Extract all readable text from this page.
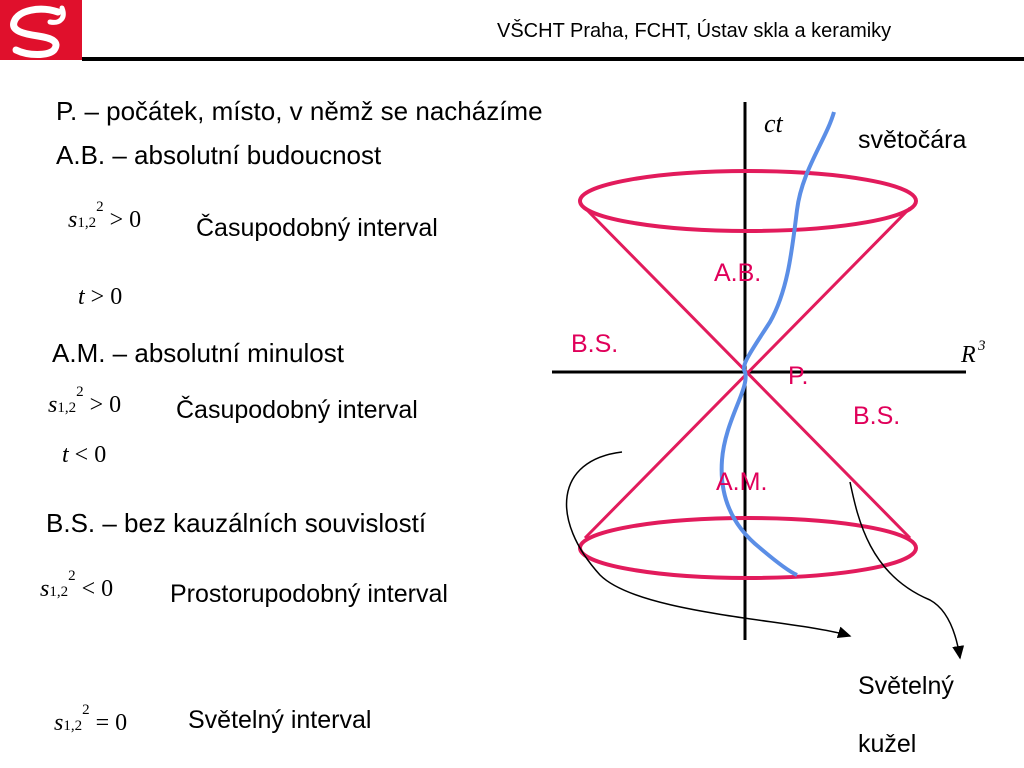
VŠCHT Praha, FCHT, Ústav skla a keramiky
P. – počátek, místo, v němž se nacházíme
A.B. – absolutní budoucnost
$s1,2^2 > 0$ Časupodobný interval
t > 0
A.M. – absolutní minulost
$s1,2^2 > 0$ Časupodobný interval
t < 0
B.S. – bez kauzálních souvislostí
$s1,2^2 < 0$ Prostorupodobný interval
$s1,2^2 = 0$ Světelný interval
ct
R 3
světočára
A.B.
B.S.
P.
B.S.
A.M.
Světelný
kužel
